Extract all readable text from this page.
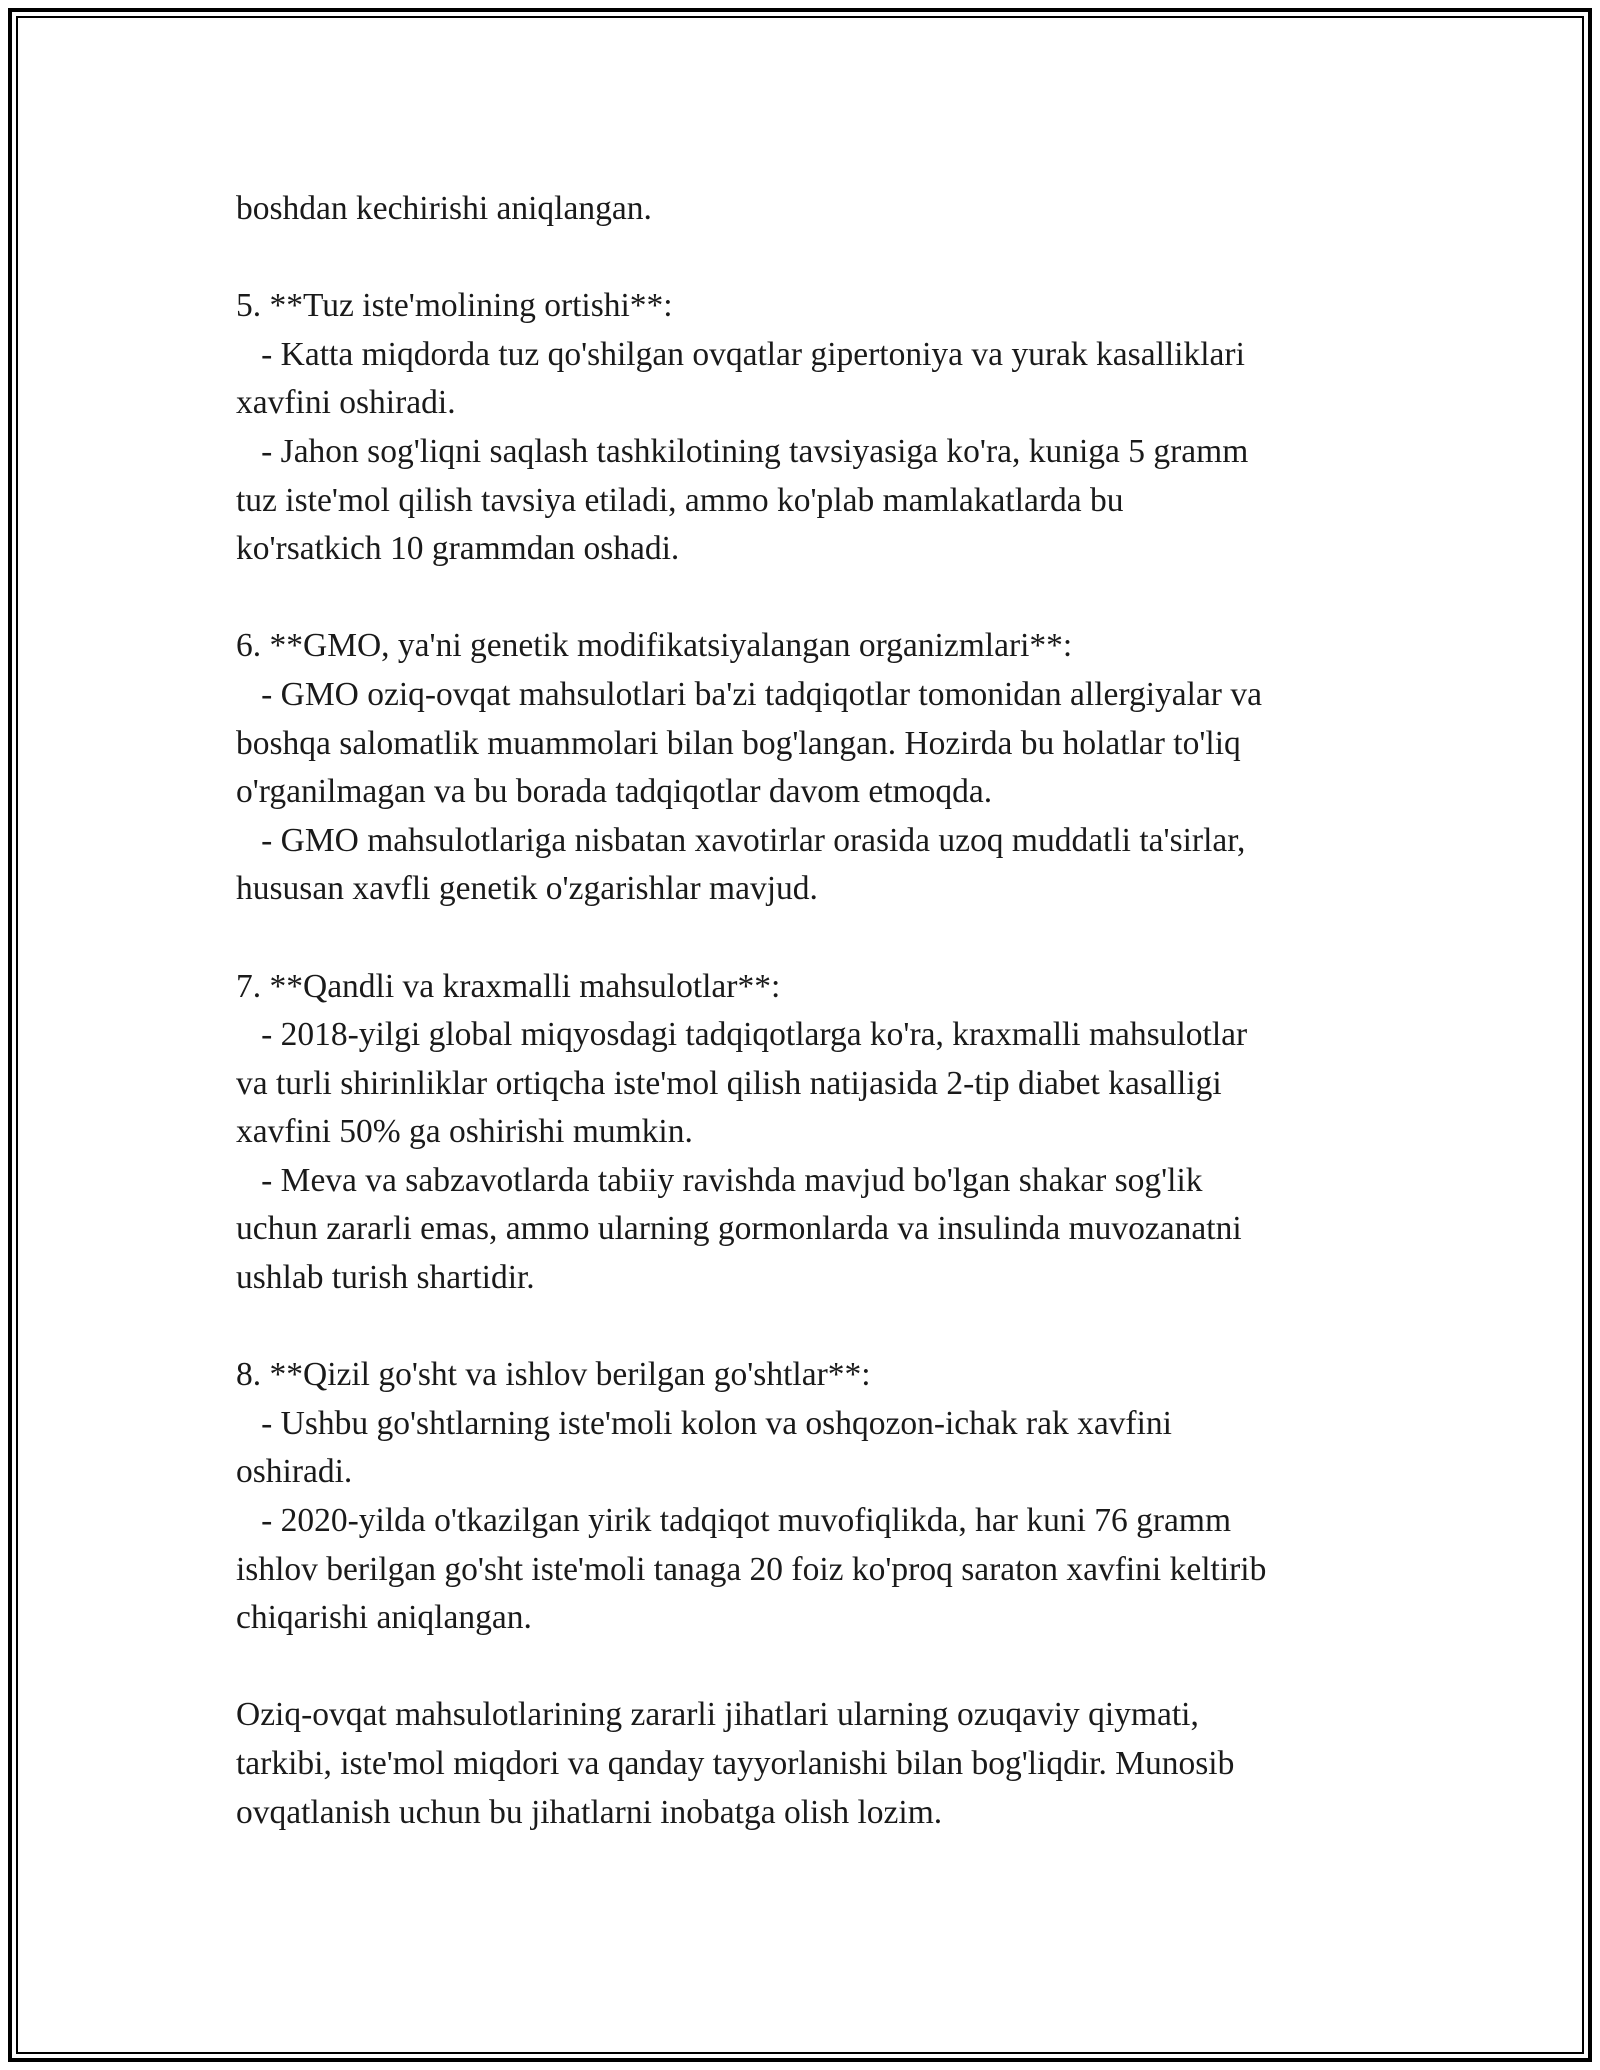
boshdan kechirishi aniqlangan.
5. **Tuz iste'molining ortishi**:
- Katta miqdorda tuz qo'shilgan ovqatlar gipertoniya va yurak kasalliklari
xavfini oshiradi.
- Jahon sog'liqni saqlash tashkilotining tavsiyasiga ko'ra, kuniga 5 gramm
tuz iste'mol qilish tavsiya etiladi, ammo ko'plab mamlakatlarda bu
ko'rsatkich 10 grammdan oshadi.
6. **GMO, ya'ni genetik modifikatsiyalangan organizmlari**:
- GMO oziq-ovqat mahsulotlari ba'zi tadqiqotlar tomonidan allergiyalar va
boshqa salomatlik muammolari bilan bog'langan. Hozirda bu holatlar to'liq
o'rganilmagan va bu borada tadqiqotlar davom etmoqda.
- GMO mahsulotlariga nisbatan xavotirlar orasida uzoq muddatli ta'sirlar,
hususan xavfli genetik o'zgarishlar mavjud.
7. **Qandli va kraxmalli mahsulotlar**:
- 2018-yilgi global miqyosdagi tadqiqotlarga ko'ra, kraxmalli mahsulotlar
va turli shirinliklar ortiqcha iste'mol qilish natijasida 2-tip diabet kasalligi
xavfini 50% ga oshirishi mumkin.
- Meva va sabzavotlarda tabiiy ravishda mavjud bo'lgan shakar sog'lik
uchun zararli emas, ammo ularning gormonlarda va insulinda muvozanatni
ushlab turish shartidir.
8. **Qizil go'sht va ishlov berilgan go'shtlar**:
- Ushbu go'shtlarning iste'moli kolon va oshqozon-ichak rak xavfini
oshiradi.
- 2020-yilda o'tkazilgan yirik tadqiqot muvofiqlikda, har kuni 76 gramm
ishlov berilgan go'sht iste'moli tanaga 20 foiz ko'proq saraton xavfini keltirib
chiqarishi aniqlangan.
Oziq-ovqat mahsulotlarining zararli jihatlari ularning ozuqaviy qiymati,
tarkibi, iste'mol miqdori va qanday tayyorlanishi bilan bog'liqdir. Munosib
ovqatlanish uchun bu jihatlarni inobatga olish lozim.
